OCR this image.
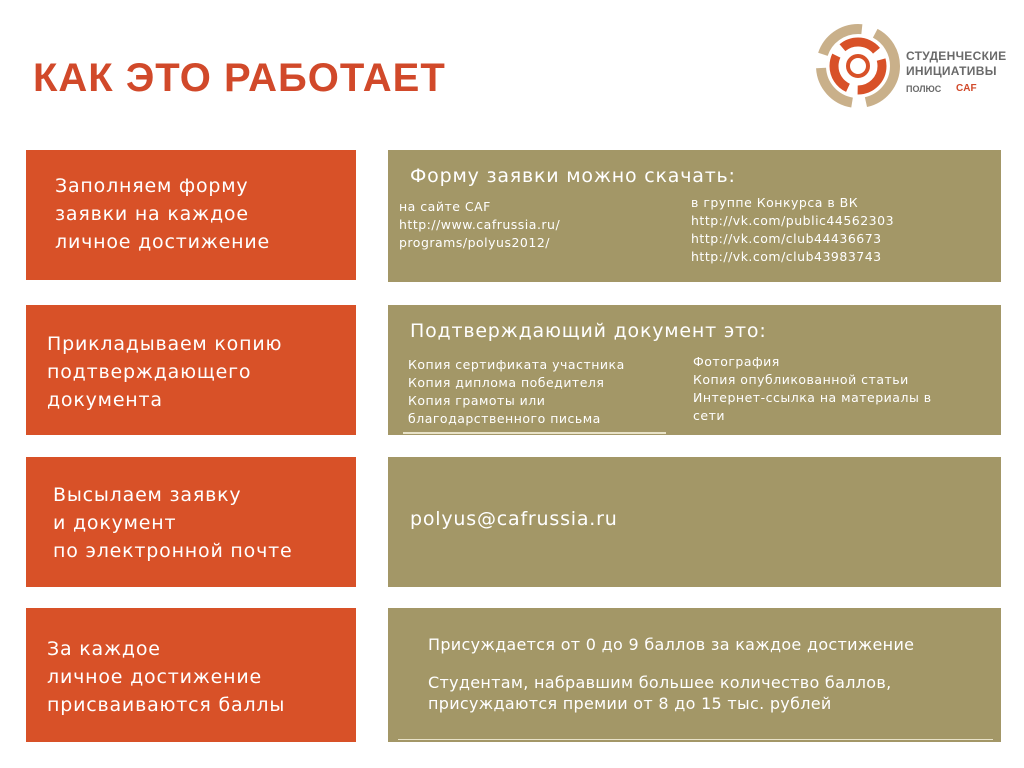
КАК ЭТО РАБОТАЕТ	СТУДЕНЧЕСКИЕ
ИНИЦИАТИВЫ
ПОЛЮС CAF
Заполняем форму
заявки на каждое
личное достижение
Прикладываем копию
подтверждающего
документа
Высылаем заявку
и документ
по электронной почте
За каждое
личное достижение
присваиваются баллы
Форму заявки можно скачать:
на сайте CAF
http://www.cafrussia.ru/
programs/polyus2012/
в группе Конкурса в ВК
http://vk.com/public44562303
http://vk.com/club44436673
http://vk.com/club43983743
Подтверждающий документ это:
Копия сертификата участника
Копия диплома победителя
Копия грамоты или
благодарственного письма
Фотография
Копия опубликованной статьи
Интернет-ссылка на материалы в
сети
polyus@cafrussia.ru
Присуждается от 0 до 9 баллов за каждое достижение
Студентам, набравшим большее количество баллов,
присуждаются премии от 8 до 15 тыс. рублей
